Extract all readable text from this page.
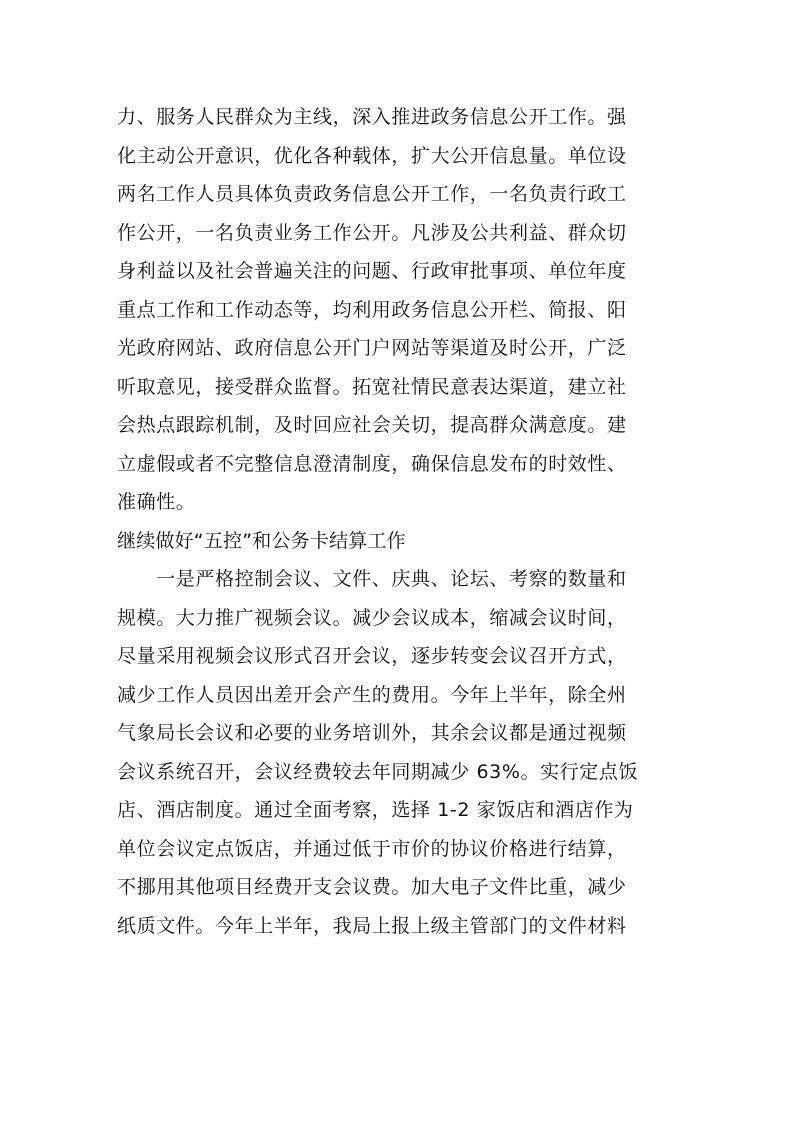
力、服务人民群众为主线，深入推进政务信息公开工作。强
化主动公开意识，优化各种载体，扩大公开信息量。单位设
两名工作人员具体负责政务信息公开工作，一名负责行政工
作公开，一名负责业务工作公开。凡涉及公共利益、群众切
身利益以及社会普遍关注的问题、行政审批事项、单位年度
重点工作和工作动态等，均利用政务信息公开栏、简报、阳
光政府网站、政府信息公开门户网站等渠道及时公开，广泛
听取意见，接受群众监督。拓宽社情民意表达渠道，建立社
会热点跟踪机制，及时回应社会关切，提高群众满意度。建
立虚假或者不完整信息澄清制度，确保信息发布的时效性、
准确性。
继续做好“五控”和公务卡结算工作
　　一是严格控制会议、文件、庆典、论坛、考察的数量和
规模。大力推广视频会议。减少会议成本，缩减会议时间，
尽量采用视频会议形式召开会议，逐步转变会议召开方式，
减少工作人员因出差开会产生的费用。今年上半年，除全州
气象局长会议和必要的业务培训外，其余会议都是通过视频
会议系统召开，会议经费较去年同期减少 63%。实行定点饭
店、酒店制度。通过全面考察，选择 1-2 家饭店和酒店作为
单位会议定点饭店，并通过低于市价的协议价格进行结算，
不挪用其他项目经费开支会议费。加大电子文件比重，减少
纸质文件。今年上半年，我局上报上级主管部门的文件材料
